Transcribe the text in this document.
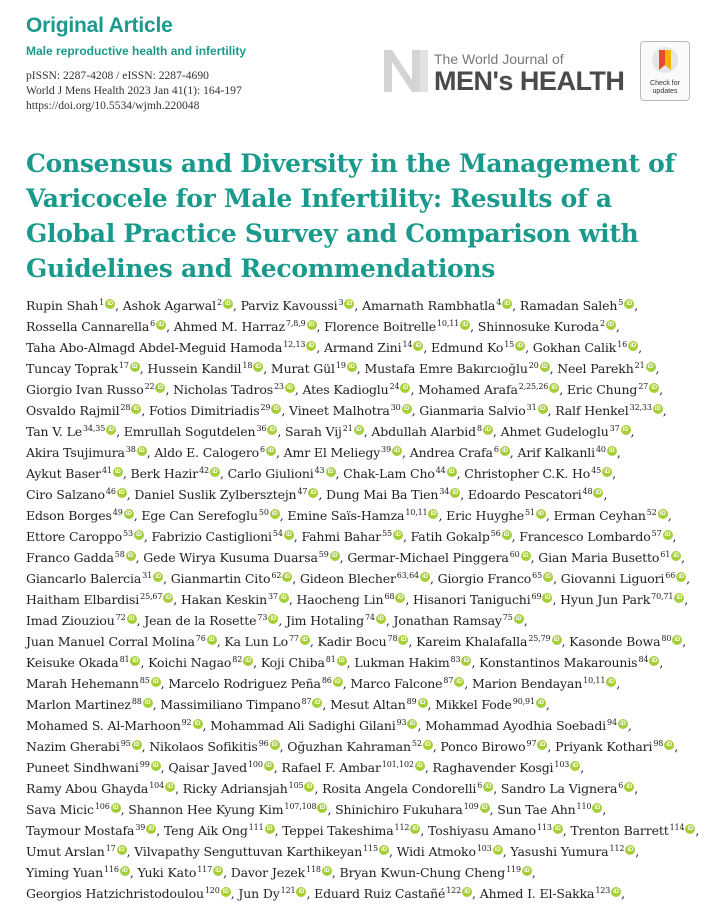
Original Article
Male reproductive health and infertility
pISSN: 2287-4208 / eISSN: 2287-4690
World J Mens Health 2023 Jan 41(1): 164-197
https://doi.org/10.5534/wjmh.220048
The World Journal of
MEN's HEALTH	Check for updates
Consensus and Diversity in the Management of Varicocele for Male Infertility: Results of a Global Practice Survey and Comparison with Guidelines and Recommendations
Rupin Shah$^1$ iD , Ashok Agarwal$^2$ iD , Parviz Kavoussi$^3$ iD , Amarnath Rambhatla$^4$ iD , Ramadan Saleh$^5$ iD ,
Rossella Cannarella$^6$ iD , Ahmed M. Harraz$^{7,8,9}$ iD , Florence Boitrelle$^{10,11}$ iD , Shinnosuke Kuroda$^2$ iD ,
Taha Abo-Almagd Abdel-Meguid Hamoda$^{12,13}$ iD , Armand Zini$^{14}$ iD , Edmund Ko$^{15}$ iD , Gokhan Calik$^{16}$ iD ,
Tuncay Toprak$^{17}$ iD , Hussein Kandil$^{18}$ iD , Murat Gül$^{19}$ iD , Mustafa Emre Bakırcıoğlu$^{20}$ iD , Neel Parekh$^{21}$ iD ,
Giorgio Ivan Russo$^{22}$ iD , Nicholas Tadros$^{23}$ iD , Ates Kadioglu$^{24}$ iD , Mohamed Arafa$^{2,25,26}$ iD , Eric Chung$^{27}$ iD ,
Osvaldo Rajmil$^{28}$ iD , Fotios Dimitriadis$^{29}$ iD , Vineet Malhotra$^{30}$ iD , Gianmaria Salvio$^{31}$ iD , Ralf Henkel$^{32,33}$ iD ,
Tan V. Le$^{34,35}$ iD , Emrullah Sogutdelen$^{36}$ iD , Sarah Vij$^{21}$ iD , Abdullah Alarbid$^8$ iD , Ahmet Gudeloglu$^{37}$ iD ,
Akira Tsujimura$^{38}$ iD , Aldo E. Calogero$^6$ iD , Amr El Meliegy$^{39}$ iD , Andrea Crafa$^6$ iD , Arif Kalkanli$^{40}$ iD ,
Aykut Baser$^{41}$ iD , Berk Hazir$^{42}$ iD , Carlo Giulioni$^{43}$ iD , Chak-Lam Cho$^{44}$ iD , Christopher C.K. Ho$^{45}$ iD ,
Ciro Salzano$^{46}$ iD , Daniel Suslik Zylbersztejn$^{47}$ iD , Dung Mai Ba Tien$^{34}$ iD , Edoardo Pescatori$^{48}$ iD ,
Edson Borges$^{49}$ iD , Ege Can Serefoglu$^{50}$ iD , Emine Saïs-Hamza$^{10,11}$ iD , Eric Huyghe$^{51}$ iD , Erman Ceyhan$^{52}$ iD ,
Ettore Caroppo$^{53}$ iD , Fabrizio Castiglioni$^{54}$ iD , Fahmi Bahar$^{55}$ iD , Fatih Gokalp$^{56}$ iD , Francesco Lombardo$^{57}$ iD ,
Franco Gadda$^{58}$ iD , Gede Wirya Kusuma Duarsa$^{59}$ iD , Germar-Michael Pinggera$^{60}$ iD , Gian Maria Busetto$^{61}$ iD ,
Giancarlo Balercia$^{31}$ iD , Gianmartin Cito$^{62}$ iD , Gideon Blecher$^{63,64}$ iD , Giorgio Franco$^{65}$ iD , Giovanni Liguori$^{66}$ iD ,
Haitham Elbardisi$^{25,67}$ iD , Hakan Keskin$^{37}$ iD , Haocheng Lin$^{68}$ iD , Hisanori Taniguchi$^{69}$ iD , Hyun Jun Park$^{70,71}$ iD ,
Imad Ziouziou$^{72}$ iD , Jean de la Rosette$^{73}$ iD , Jim Hotaling$^{74}$ iD , Jonathan Ramsay$^{75}$ iD ,
Juan Manuel Corral Molina$^{76}$ iD , Ka Lun Lo$^{77}$ iD , Kadir Bocu$^{78}$ iD , Kareim Khalafalla$^{25,79}$ iD , Kasonde Bowa$^{80}$ iD ,
Keisuke Okada$^{81}$ iD , Koichi Nagao$^{82}$ iD , Koji Chiba$^{81}$ iD , Lukman Hakim$^{83}$ iD , Konstantinos Makarounis$^{84}$ iD ,
Marah Hehemann$^{85}$ iD , Marcelo Rodriguez Peña$^{86}$ iD , Marco Falcone$^{87}$ iD , Marion Bendayan$^{10,11}$ iD ,
Marlon Martinez$^{88}$ iD , Massimiliano Timpano$^{87}$ iD , Mesut Altan$^{89}$ iD , Mikkel Fode$^{90,91}$ iD ,
Mohamed S. Al-Marhoon$^{92}$ iD , Mohammad Ali Sadighi Gilani$^{93}$ iD , Mohammad Ayodhia Soebadi$^{94}$ iD ,
Nazim Gherabi$^{95}$ iD , Nikolaos Sofikitis$^{96}$ iD , Oğuzhan Kahraman$^{52}$ iD , Ponco Birowo$^{97}$ iD , Priyank Kothari$^{98}$ iD ,
Puneet Sindhwani$^{99}$ iD , Qaisar Javed$^{100}$ iD , Rafael F. Ambar$^{101,102}$ iD , Raghavender Kosgi$^{103}$ iD ,
Ramy Abou Ghayda$^{104}$ iD , Ricky Adriansjah$^{105}$ iD , Rosita Angela Condorelli$^6$ iD , Sandro La Vignera$^6$ iD ,
Sava Micic$^{106}$ iD , Shannon Hee Kyung Kim$^{107,108}$ iD , Shinichiro Fukuhara$^{109}$ iD , Sun Tae Ahn$^{110}$ iD ,
Taymour Mostafa$^{39}$ iD , Teng Aik Ong$^{111}$ iD , Teppei Takeshima$^{112}$ iD , Toshiyasu Amano$^{113}$ iD , Trenton Barrett$^{114}$ iD ,
Umut Arslan$^{17}$ iD , Vilvapathy Senguttuvan Karthikeyan$^{115}$ iD , Widi Atmoko$^{103}$ iD , Yasushi Yumura$^{112}$ iD ,
Yiming Yuan$^{116}$ iD , Yuki Kato$^{117}$ iD , Davor Jezek$^{118}$ iD , Bryan Kwun-Chung Cheng$^{119}$ iD ,
Georgios Hatzichristodoulou$^{120}$ iD , Jun Dy$^{121}$ iD , Eduard Ruiz Castañé$^{122}$ iD , Ahmed I. El-Sakka$^{123}$ iD ,
